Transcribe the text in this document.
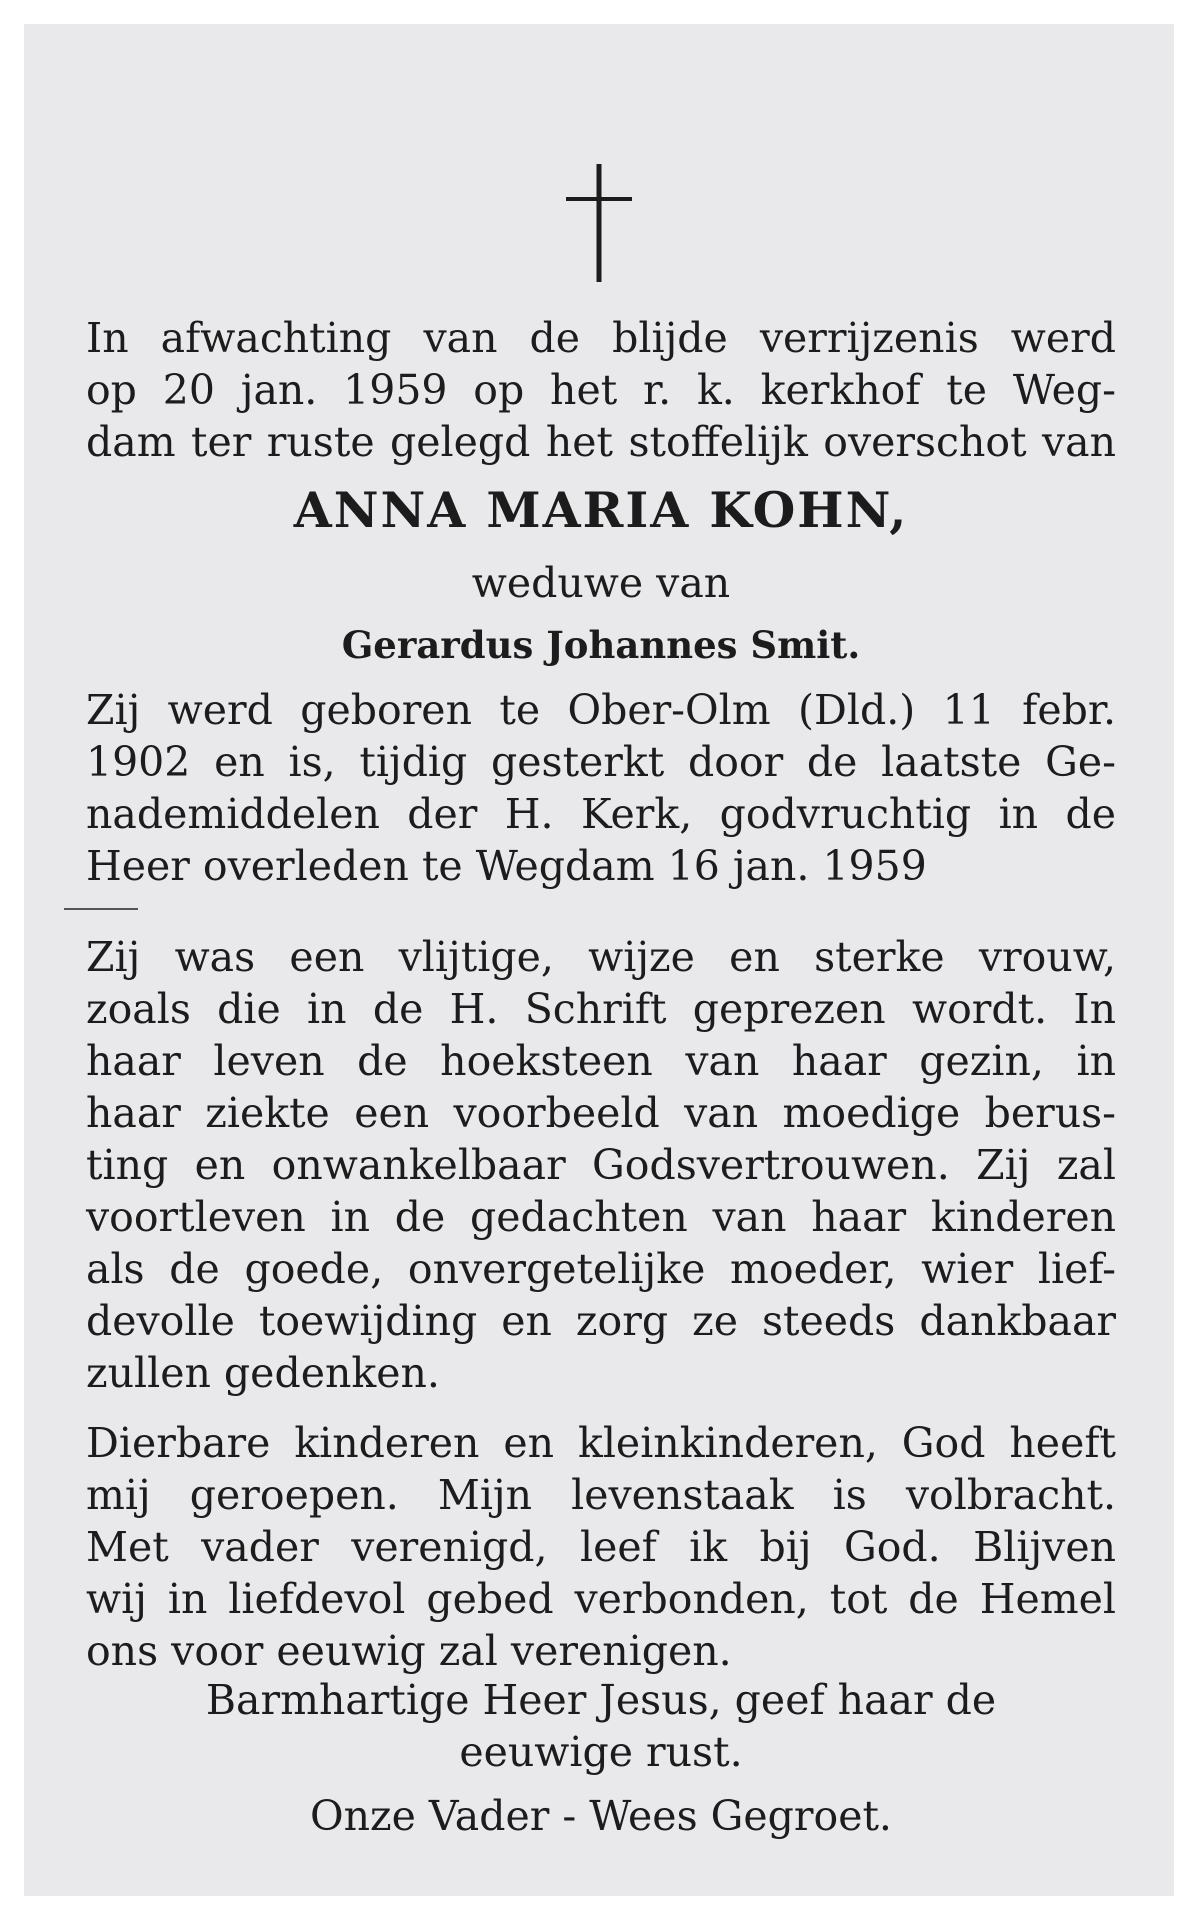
In afwachting van de blijde verrijzenis werd
op 20 jan. 1959 op het r. k. kerkhof te Weg-
dam ter ruste gelegd het stoffelijk overschot van
ANNA MARIA KOHN,
weduwe van
Gerardus Johannes Smit.
Zij werd geboren te Ober-Olm (Dld.) 11 febr.
1902 en is, tijdig gesterkt door de laatste Ge-
nademiddelen der H. Kerk, godvruchtig in de
Heer overleden te Wegdam 16 jan. 1959
Zij was een vlijtige, wijze en sterke vrouw,
zoals die in de H. Schrift geprezen wordt. In
haar leven de hoeksteen van haar gezin, in
haar ziekte een voorbeeld van moedige berus-
ting en onwankelbaar Godsvertrouwen. Zij zal
voortleven in de gedachten van haar kinderen
als de goede, onvergetelijke moeder, wier lief-
devolle toewijding en zorg ze steeds dankbaar
zullen gedenken.
Dierbare kinderen en kleinkinderen, God heeft
mij geroepen. Mijn levenstaak is volbracht.
Met vader verenigd, leef ik bij God. Blijven
wij in liefdevol gebed verbonden, tot de Hemel
ons voor eeuwig zal verenigen.
Barmhartige Heer Jesus, geef haar de
eeuwige rust.
Onze Vader - Wees Gegroet.
